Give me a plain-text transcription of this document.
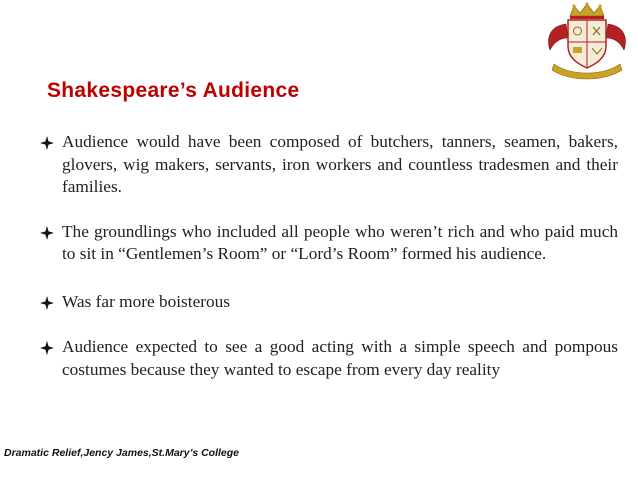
Shakespeare’s Audience
Audience would have been composed of butchers, tanners, seamen, bakers, glovers, wig makers, servants, iron workers and countless tradesmen and their families.
The groundlings who included all people who weren’t rich and who paid much to sit in “Gentlemen’s Room” or “Lord’s Room” formed his audience.
Was far more boisterous
Audience expected to see a good acting with a simple speech and pompous costumes because they wanted to escape from every day reality
Dramatic Relief,Jency James,St.Mary’s College
